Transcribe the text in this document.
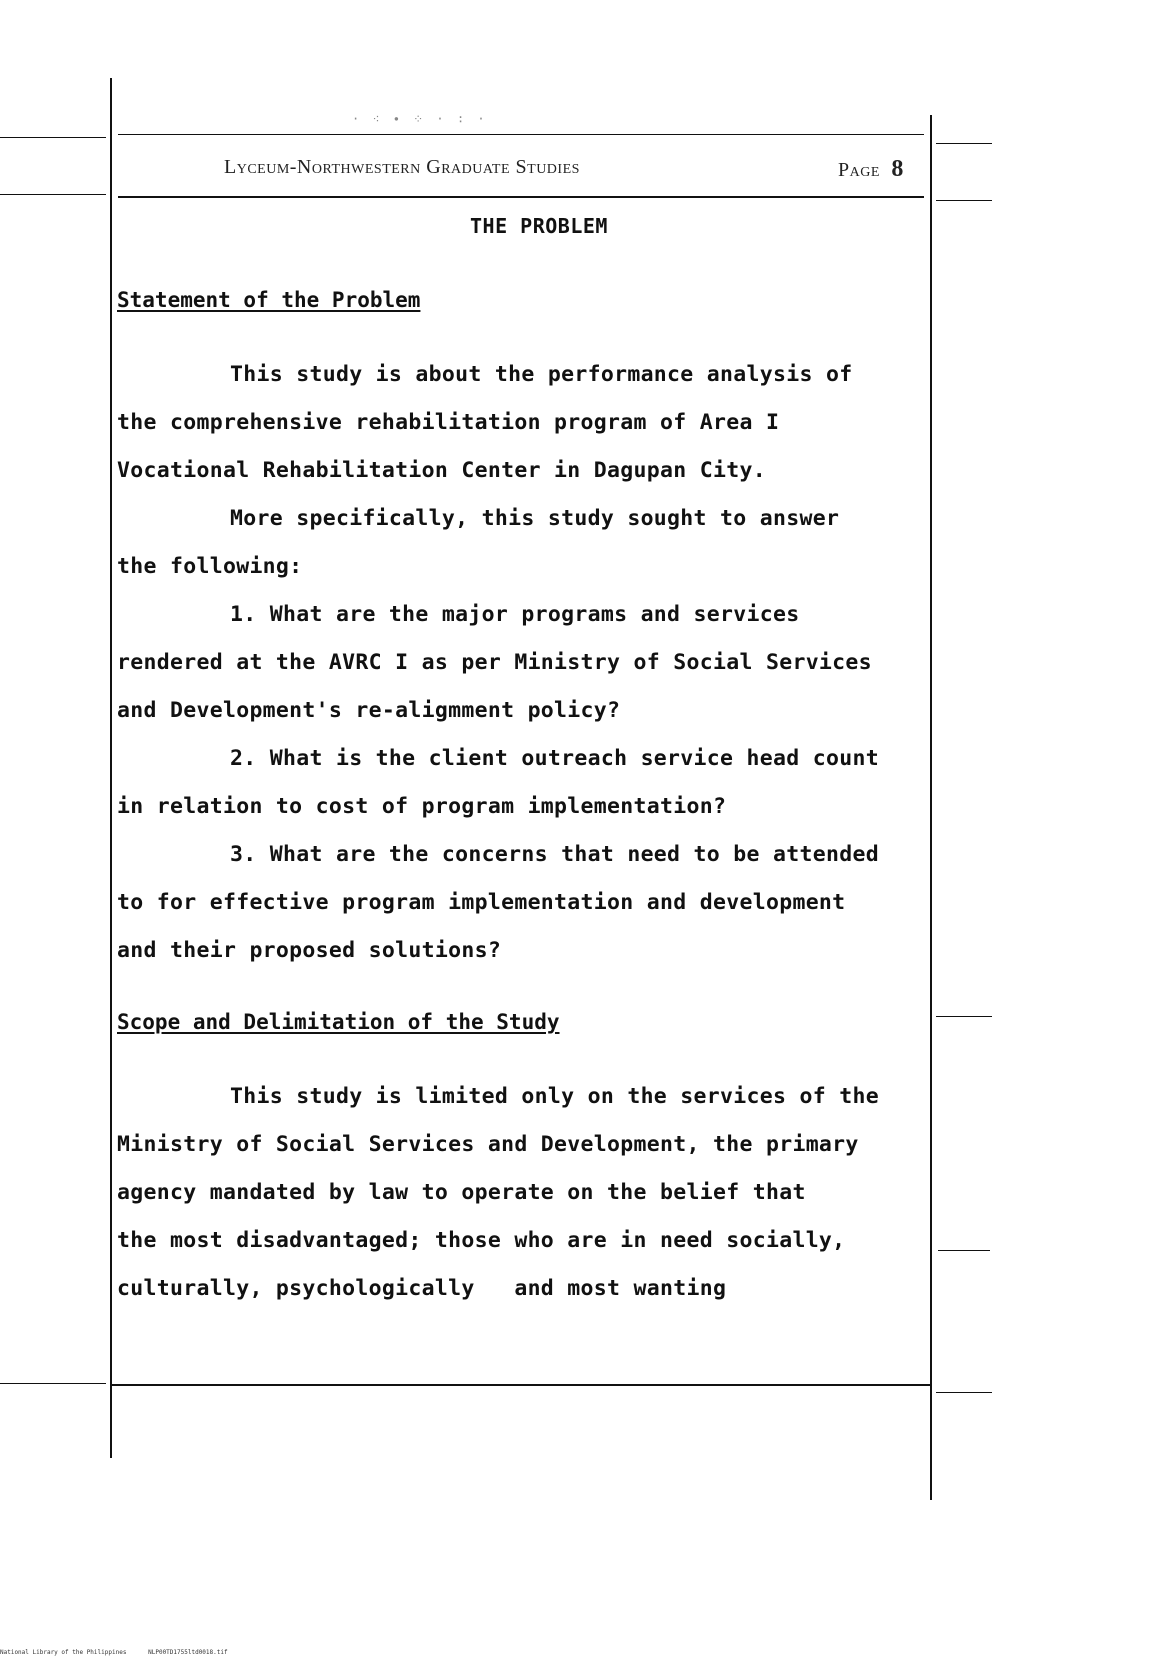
· ⁖ ∙ ⁘ · ∶ ·
Lyceum-Northwestern Graduate Studies	Page 8
THE PROBLEM
Statement of the Problem
This study is about the performance analysis of
the comprehensive rehabilitation program of Area I
Vocational Rehabilitation Center in Dagupan City.
More specifically, this study sought to answer
the following:
1. What are the major programs and services
rendered at the AVRC I as per Ministry of Social Services
and Development's re-aligmment policy?
2. What is the client outreach service head count
in relation to cost of program implementation?
3. What are the concerns that need to be attended
to for effective program implementation and development
and their proposed solutions?
Scope and Delimitation of the Study
This study is limited only on the services of the
Ministry of Social Services and Development, the primary
agency mandated by law to operate on the belief that
the most disadvantaged; those who are in need socially,
culturally, psychologically   and most wanting
National Library of the Philippines	NLP00TD1755ltd0018.tif
